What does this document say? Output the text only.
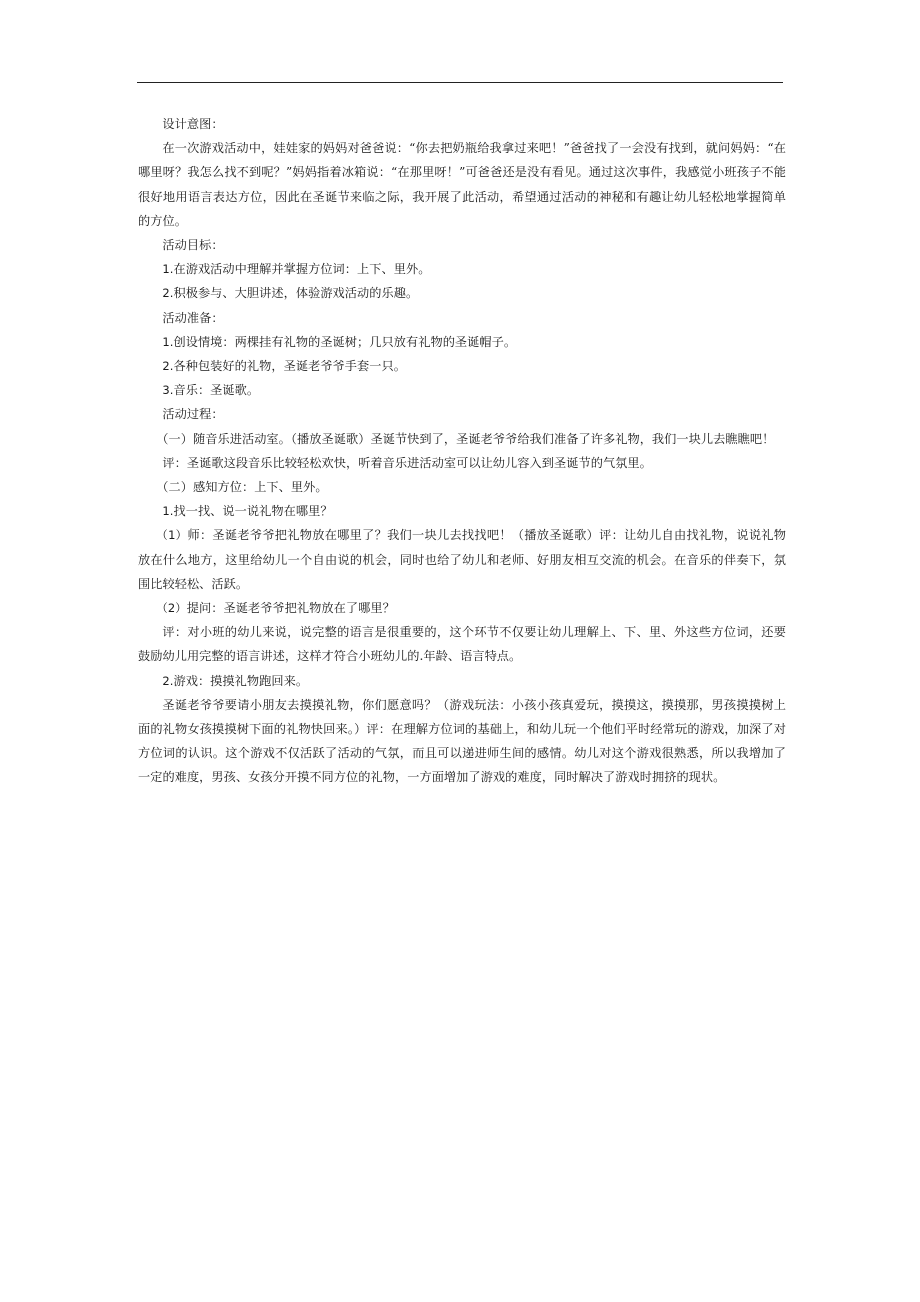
设计意图：

在一次游戏活动中，娃娃家的妈妈对爸爸说：“你去把奶瓶给我拿过来吧！”爸爸找了一会没有找到，就问妈妈：“在哪里呀？我怎么找不到呢？”妈妈指着冰箱说：“在那里呀！”可爸爸还是没有看见。通过这次事件，我感觉小班孩子不能很好地用语言表达方位，因此在圣诞节来临之际，我开展了此活动，希望通过活动的神秘和有趣让幼儿轻松地掌握简单的方位。

活动目标：

1.在游戏活动中理解并掌握方位词：上下、里外。

2.积极参与、大胆讲述，体验游戏活动的乐趣。

活动准备：

1.创设情境：两棵挂有礼物的圣诞树；几只放有礼物的圣诞帽子。

2.各种包装好的礼物，圣诞老爷爷手套一只。

3.音乐：圣诞歌。

活动过程：

（一）随音乐进活动室。（播放圣诞歌）圣诞节快到了，圣诞老爷爷给我们准备了许多礼物，我们一块儿去瞧瞧吧！

评：圣诞歌这段音乐比较轻松欢快，听着音乐进活动室可以让幼儿容入到圣诞节的气氛里。

（二）感知方位：上下、里外。

1.找一找、说一说礼物在哪里？

（1）师：圣诞老爷爷把礼物放在哪里了？我们一块儿去找找吧！（播放圣诞歌）评：让幼儿自由找礼物，说说礼物放在什么地方，这里给幼儿一个自由说的机会，同时也给了幼儿和老师、好朋友相互交流的机会。在音乐的伴奏下，氛围比较轻松、活跃。

（2）提问：圣诞老爷爷把礼物放在了哪里？

评：对小班的幼儿来说，说完整的语言是很重要的，这个环节不仅要让幼儿理解上、下、里、外这些方位词，还要鼓励幼儿用完整的语言讲述，这样才符合小班幼儿的.年龄、语言特点。

2.游戏：摸摸礼物跑回来。

圣诞老爷爷要请小朋友去摸摸礼物，你们愿意吗？（游戏玩法：小孩小孩真爱玩，摸摸这，摸摸那，男孩摸摸树上面的礼物女孩摸摸树下面的礼物快回来。）评：在理解方位词的基础上，和幼儿玩一个他们平时经常玩的游戏，加深了对方位词的认识。这个游戏不仅活跃了活动的气氛，而且可以递进师生间的感情。幼儿对这个游戏很熟悉，所以我增加了一定的难度，男孩、女孩分开摸不同方位的礼物，一方面增加了游戏的难度，同时解决了游戏时拥挤的现状。
